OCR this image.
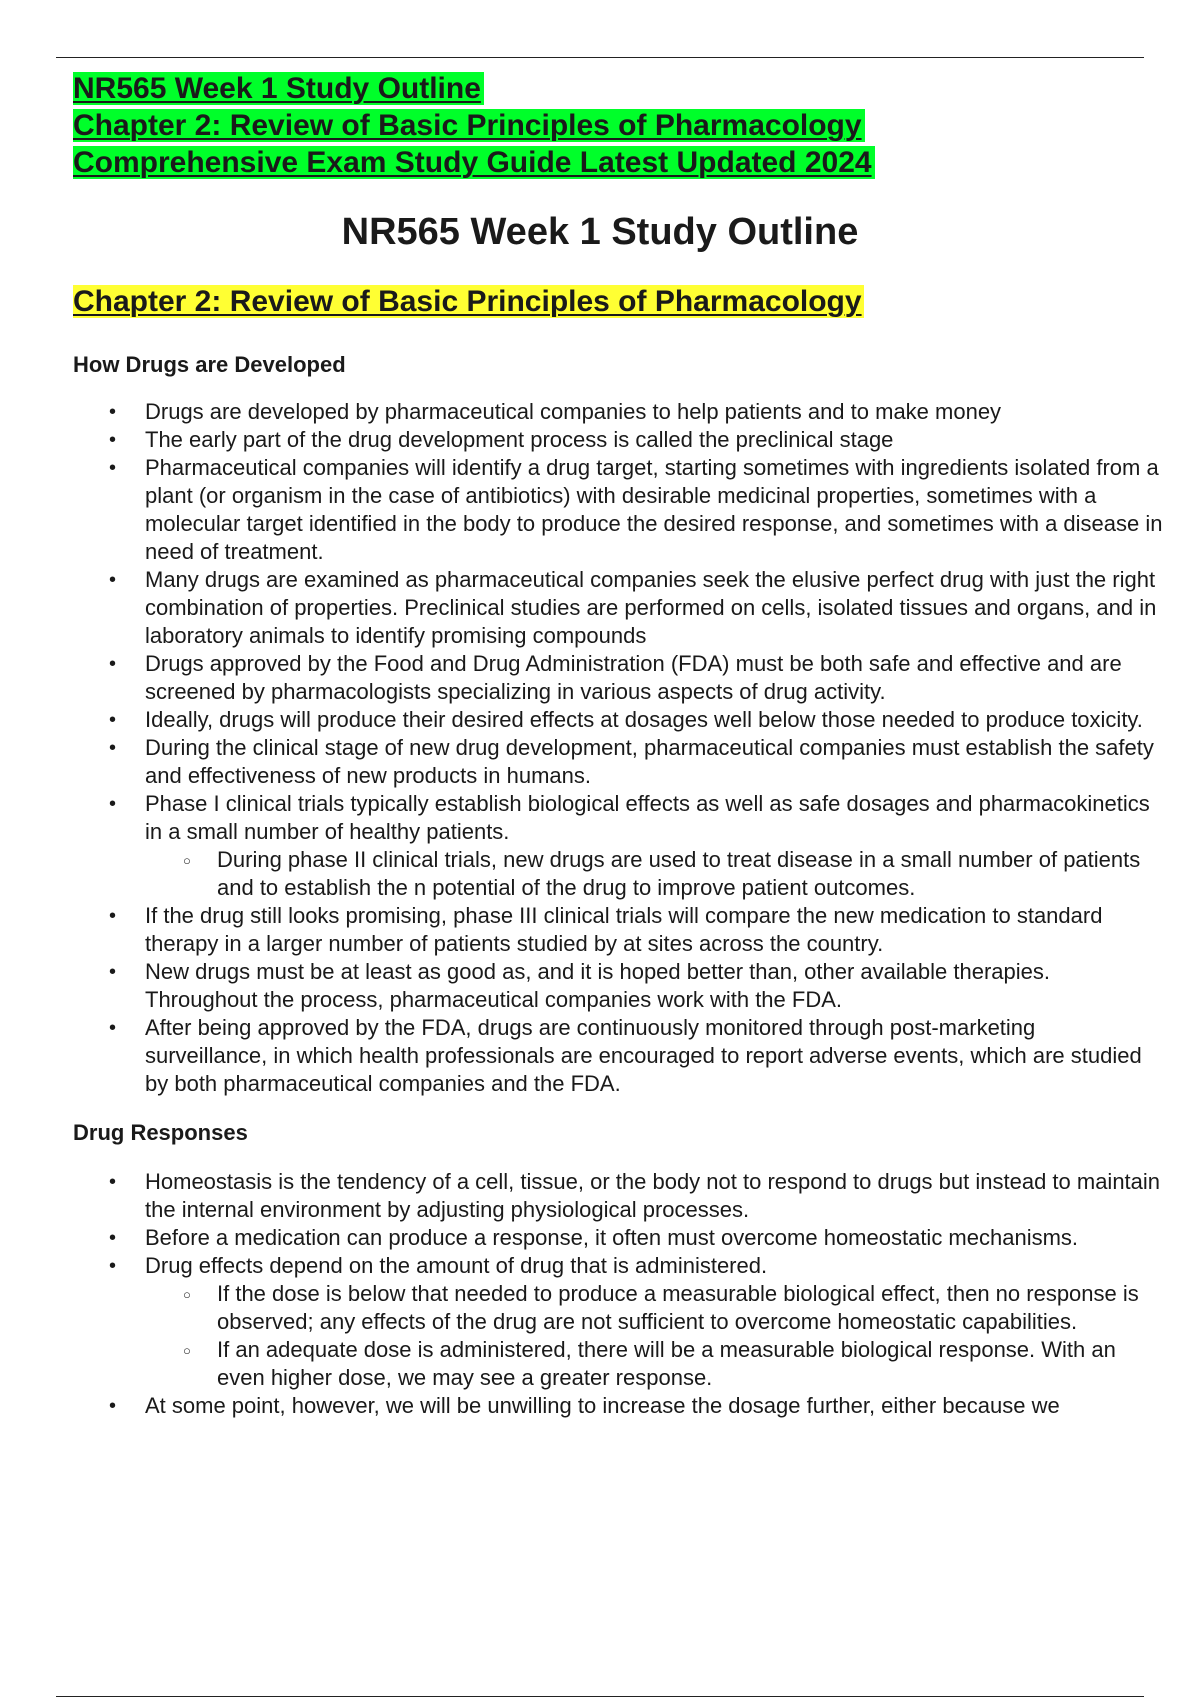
NR565 Week 1 Study Outline
Chapter 2: Review of Basic Principles of Pharmacology
Comprehensive Exam Study Guide Latest Updated 2024
NR565 Week 1 Study Outline
Chapter 2: Review of Basic Principles of Pharmacology
How Drugs are Developed
• Drugs are developed by pharmaceutical companies to help patients and to make money
• The early part of the drug development process is called the preclinical stage
• Pharmaceutical companies will identify a drug target, starting sometimes with ingredients isolated from a plant (or organism in the case of antibiotics) with desirable medicinal properties, sometimes with a molecular target identified in the body to produce the desired response, and sometimes with a disease in need of treatment.
• Many drugs are examined as pharmaceutical companies seek the elusive perfect drug with just the right combination of properties. Preclinical studies are performed on cells, isolated tissues and organs, and in laboratory animals to identify promising compounds
• Drugs approved by the Food and Drug Administration (FDA) must be both safe and effective and are screened by pharmacologists specializing in various aspects of drug activity.
• Ideally, drugs will produce their desired effects at dosages well below those needed to produce toxicity.
• During the clinical stage of new drug development, pharmaceutical companies must establish the safety and effectiveness of new products in humans.
• Phase I clinical trials typically establish biological effects as well as safe dosages and pharmacokinetics in a small number of healthy patients.
○ During phase II clinical trials, new drugs are used to treat disease in a small number of patients and to establish the n potential of the drug to improve patient outcomes.
• If the drug still looks promising, phase III clinical trials will compare the new medication to standard therapy in a larger number of patients studied by at sites across the country.
• New drugs must be at least as good as, and it is hoped better than, other available therapies. Throughout the process, pharmaceutical companies work with the FDA.
• After being approved by the FDA, drugs are continuously monitored through post-marketing surveillance, in which health professionals are encouraged to report adverse events, which are studied by both pharmaceutical companies and the FDA.
Drug Responses
• Homeostasis is the tendency of a cell, tissue, or the body not to respond to drugs but instead to maintain the internal environment by adjusting physiological processes.
• Before a medication can produce a response, it often must overcome homeostatic mechanisms.
• Drug effects depend on the amount of drug that is administered.
○ If the dose is below that needed to produce a measurable biological effect, then no response is observed; any effects of the drug are not sufficient to overcome homeostatic capabilities.
○ If an adequate dose is administered, there will be a measurable biological response. With an even higher dose, we may see a greater response.
• At some point, however, we will be unwilling to increase the dosage further, either because we
